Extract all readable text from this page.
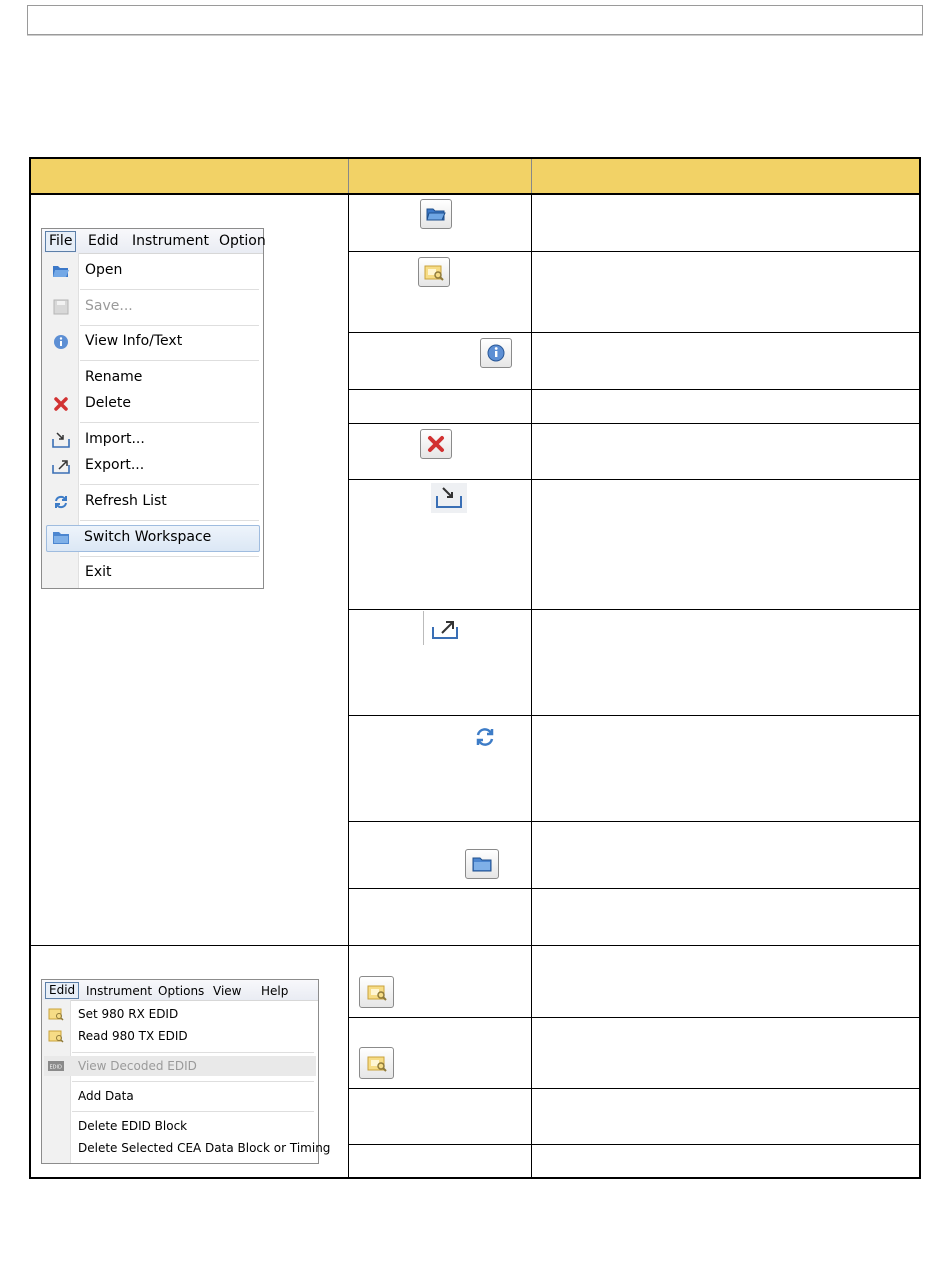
File Edid Instrument Option
Open
Save...
View Info/Text
Rename
Delete
Import...
Export...
Refresh List
Switch Workspace
Exit
Edid Instrument Options View Help
Set 980 RX EDID
Read 980 TX EDID
EDID View Decoded EDID
Add Data
Delete EDID Block
Delete Selected CEA Data Block or Timing
